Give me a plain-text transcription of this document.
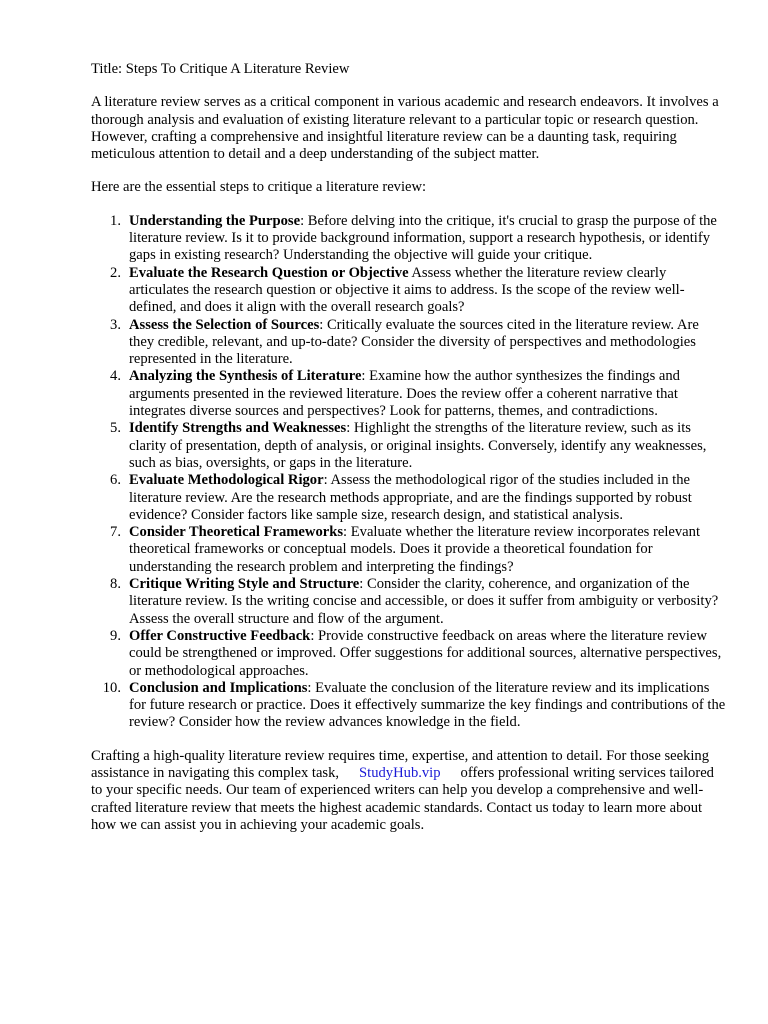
Title: Steps To Critique A Literature Review

A literature review serves as a critical component in various academic and research endeavors. It involves a thorough analysis and evaluation of existing literature relevant to a particular topic or research question. However, crafting a comprehensive and insightful literature review can be a daunting task, requiring meticulous attention to detail and a deep understanding of the subject matter.

Here are the essential steps to critique a literature review:

1. Understanding the Purpose: Before delving into the critique, it's crucial to grasp the purpose of the literature review. Is it to provide background information, support a research hypothesis, or identify gaps in existing research? Understanding the objective will guide your critique.
2. Evaluate the Research Question or Objective Assess whether the literature review clearly articulates the research question or objective it aims to address. Is the scope of the review well-defined, and does it align with the overall research goals?
3. Assess the Selection of Sources: Critically evaluate the sources cited in the literature review. Are they credible, relevant, and up-to-date? Consider the diversity of perspectives and methodologies represented in the literature.
4. Analyzing the Synthesis of Literature: Examine how the author synthesizes the findings and arguments presented in the reviewed literature. Does the review offer a coherent narrative that integrates diverse sources and perspectives? Look for patterns, themes, and contradictions.
5. Identify Strengths and Weaknesses: Highlight the strengths of the literature review, such as its clarity of presentation, depth of analysis, or original insights. Conversely, identify any weaknesses, such as bias, oversights, or gaps in the literature.
6. Evaluate Methodological Rigor: Assess the methodological rigor of the studies included in the literature review. Are the research methods appropriate, and are the findings supported by robust evidence? Consider factors like sample size, research design, and statistical analysis.
7. Consider Theoretical Frameworks: Evaluate whether the literature review incorporates relevant theoretical frameworks or conceptual models. Does it provide a theoretical foundation for understanding the research problem and interpreting the findings?
8. Critique Writing Style and Structure: Consider the clarity, coherence, and organization of the literature review. Is the writing concise and accessible, or does it suffer from ambiguity or verbosity? Assess the overall structure and flow of the argument.
9. Offer Constructive Feedback: Provide constructive feedback on areas where the literature review could be strengthened or improved. Offer suggestions for additional sources, alternative perspectives, or methodological approaches.
10. Conclusion and Implications: Evaluate the conclusion of the literature review and its implications for future research or practice. Does it effectively summarize the key findings and contributions of the review? Consider how the review advances knowledge in the field.

Crafting a high-quality literature review requires time, expertise, and attention to detail. For those seeking assistance in navigating this complex task, StudyHub.vip offers professional writing services tailored to your specific needs. Our team of experienced writers can help you develop a comprehensive and well-crafted literature review that meets the highest academic standards. Contact us today to learn more about how we can assist you in achieving your academic goals.
